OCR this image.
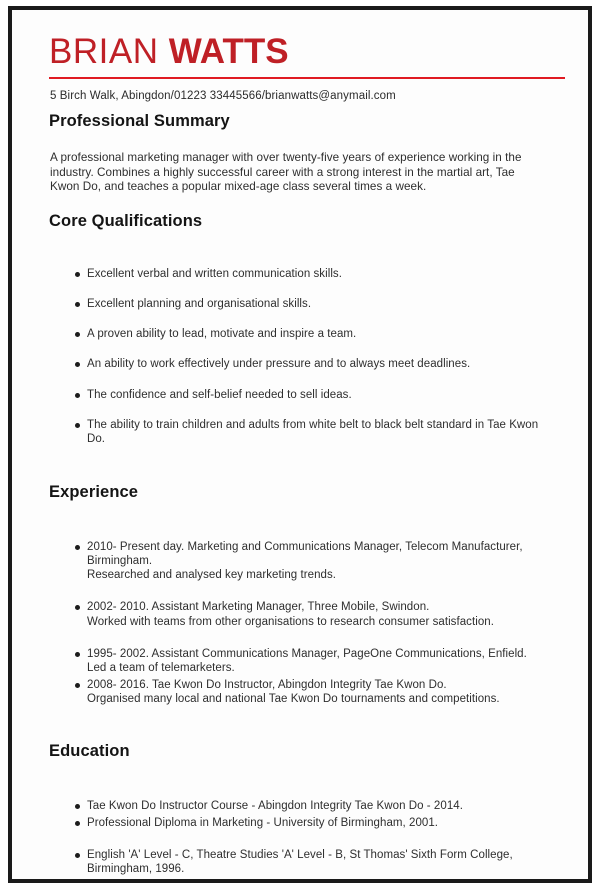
BRIAN WATTS
5 Birch Walk, Abingdon/01223 33445566/brianwatts@anymail.com
Professional Summary
A professional marketing manager with over twenty-five years of experience working in the industry. Combines a highly successful career with a strong interest in the martial art, Tae Kwon Do, and teaches a popular mixed-age class several times a week.
Core Qualifications
Excellent verbal and written communication skills.
Excellent planning and organisational skills.
A proven ability to lead, motivate and inspire a team.
An ability to work effectively under pressure and to always meet deadlines.
The confidence and self-belief needed to sell ideas.
The ability to train children and adults from white belt to black belt standard in Tae Kwon Do.
Experience
2010- Present day. Marketing and Communications Manager, Telecom Manufacturer, Birmingham.
Researched and analysed key marketing trends.
2002- 2010. Assistant Marketing Manager, Three Mobile, Swindon.
Worked with teams from other organisations to research consumer satisfaction.
1995- 2002. Assistant Communications Manager, PageOne Communications, Enfield.
Led a team of telemarketers.
2008- 2016. Tae Kwon Do Instructor, Abingdon Integrity Tae Kwon Do.
Organised many local and national Tae Kwon Do tournaments and competitions.
Education
Tae Kwon Do Instructor Course - Abingdon Integrity Tae Kwon Do - 2014.
Professional Diploma in Marketing - University of Birmingham, 2001.
English 'A' Level - C, Theatre Studies 'A' Level - B, St Thomas' Sixth Form College, Birmingham, 1996.
